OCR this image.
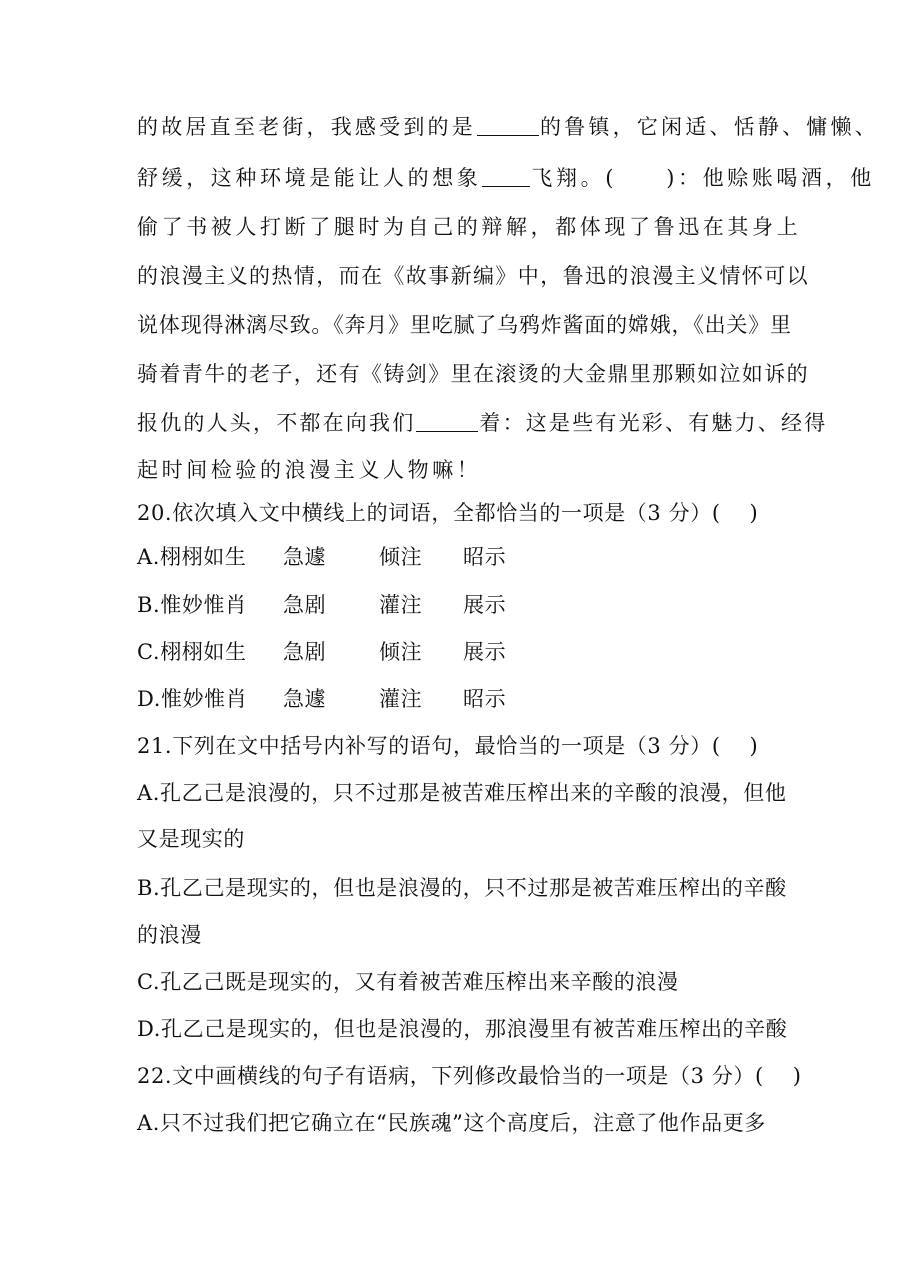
的故居直至老街，我感受到的是	的鲁镇，它闲适、恬静、慵懒、
舒缓，这种环境是能让人的想象 飞翔。(　　)：他赊账喝酒，他
偷了书被人打断了腿时为自己的辩解，都体现了鲁迅在其身上
的浪漫主义的热情，而在《故事新编》中，鲁迅的浪漫主义情怀可以
说体现得淋漓尽致。《奔月》里吃腻了乌鸦炸酱面的嫦娥，《出关》里
骑着青牛的老子，还有《铸剑》里在滚烫的大金鼎里那颗如泣如诉的
报仇的人头，不都在向我们	着：这是些有光彩、有魅力、经得
起时间检验的浪漫主义人物嘛！
20.依次填入文中横线上的词语，全都恰当的一项是（3 分）(　 )
A.栩栩如生 急遽	倾注 昭示
B.惟妙惟肖 急剧	灌注 展示
C.栩栩如生 急剧	倾注 展示
D.惟妙惟肖 急遽	灌注 昭示
21.下列在文中括号内补写的语句，最恰当的一项是（3 分）(　 )
A.孔乙己是浪漫的，只不过那是被苦难压榨出来的辛酸的浪漫，但他
又是现实的
B.孔乙己是现实的，但也是浪漫的，只不过那是被苦难压榨出的辛酸
的浪漫
C.孔乙己既是现实的，又有着被苦难压榨出来辛酸的浪漫
D.孔乙己是现实的，但也是浪漫的，那浪漫里有被苦难压榨出的辛酸
22.文中画横线的句子有语病，下列修改最恰当的一项是（3 分）(　 )
A.只不过我们把它确立在“民族魂”这个高度后，注意了他作品更多
